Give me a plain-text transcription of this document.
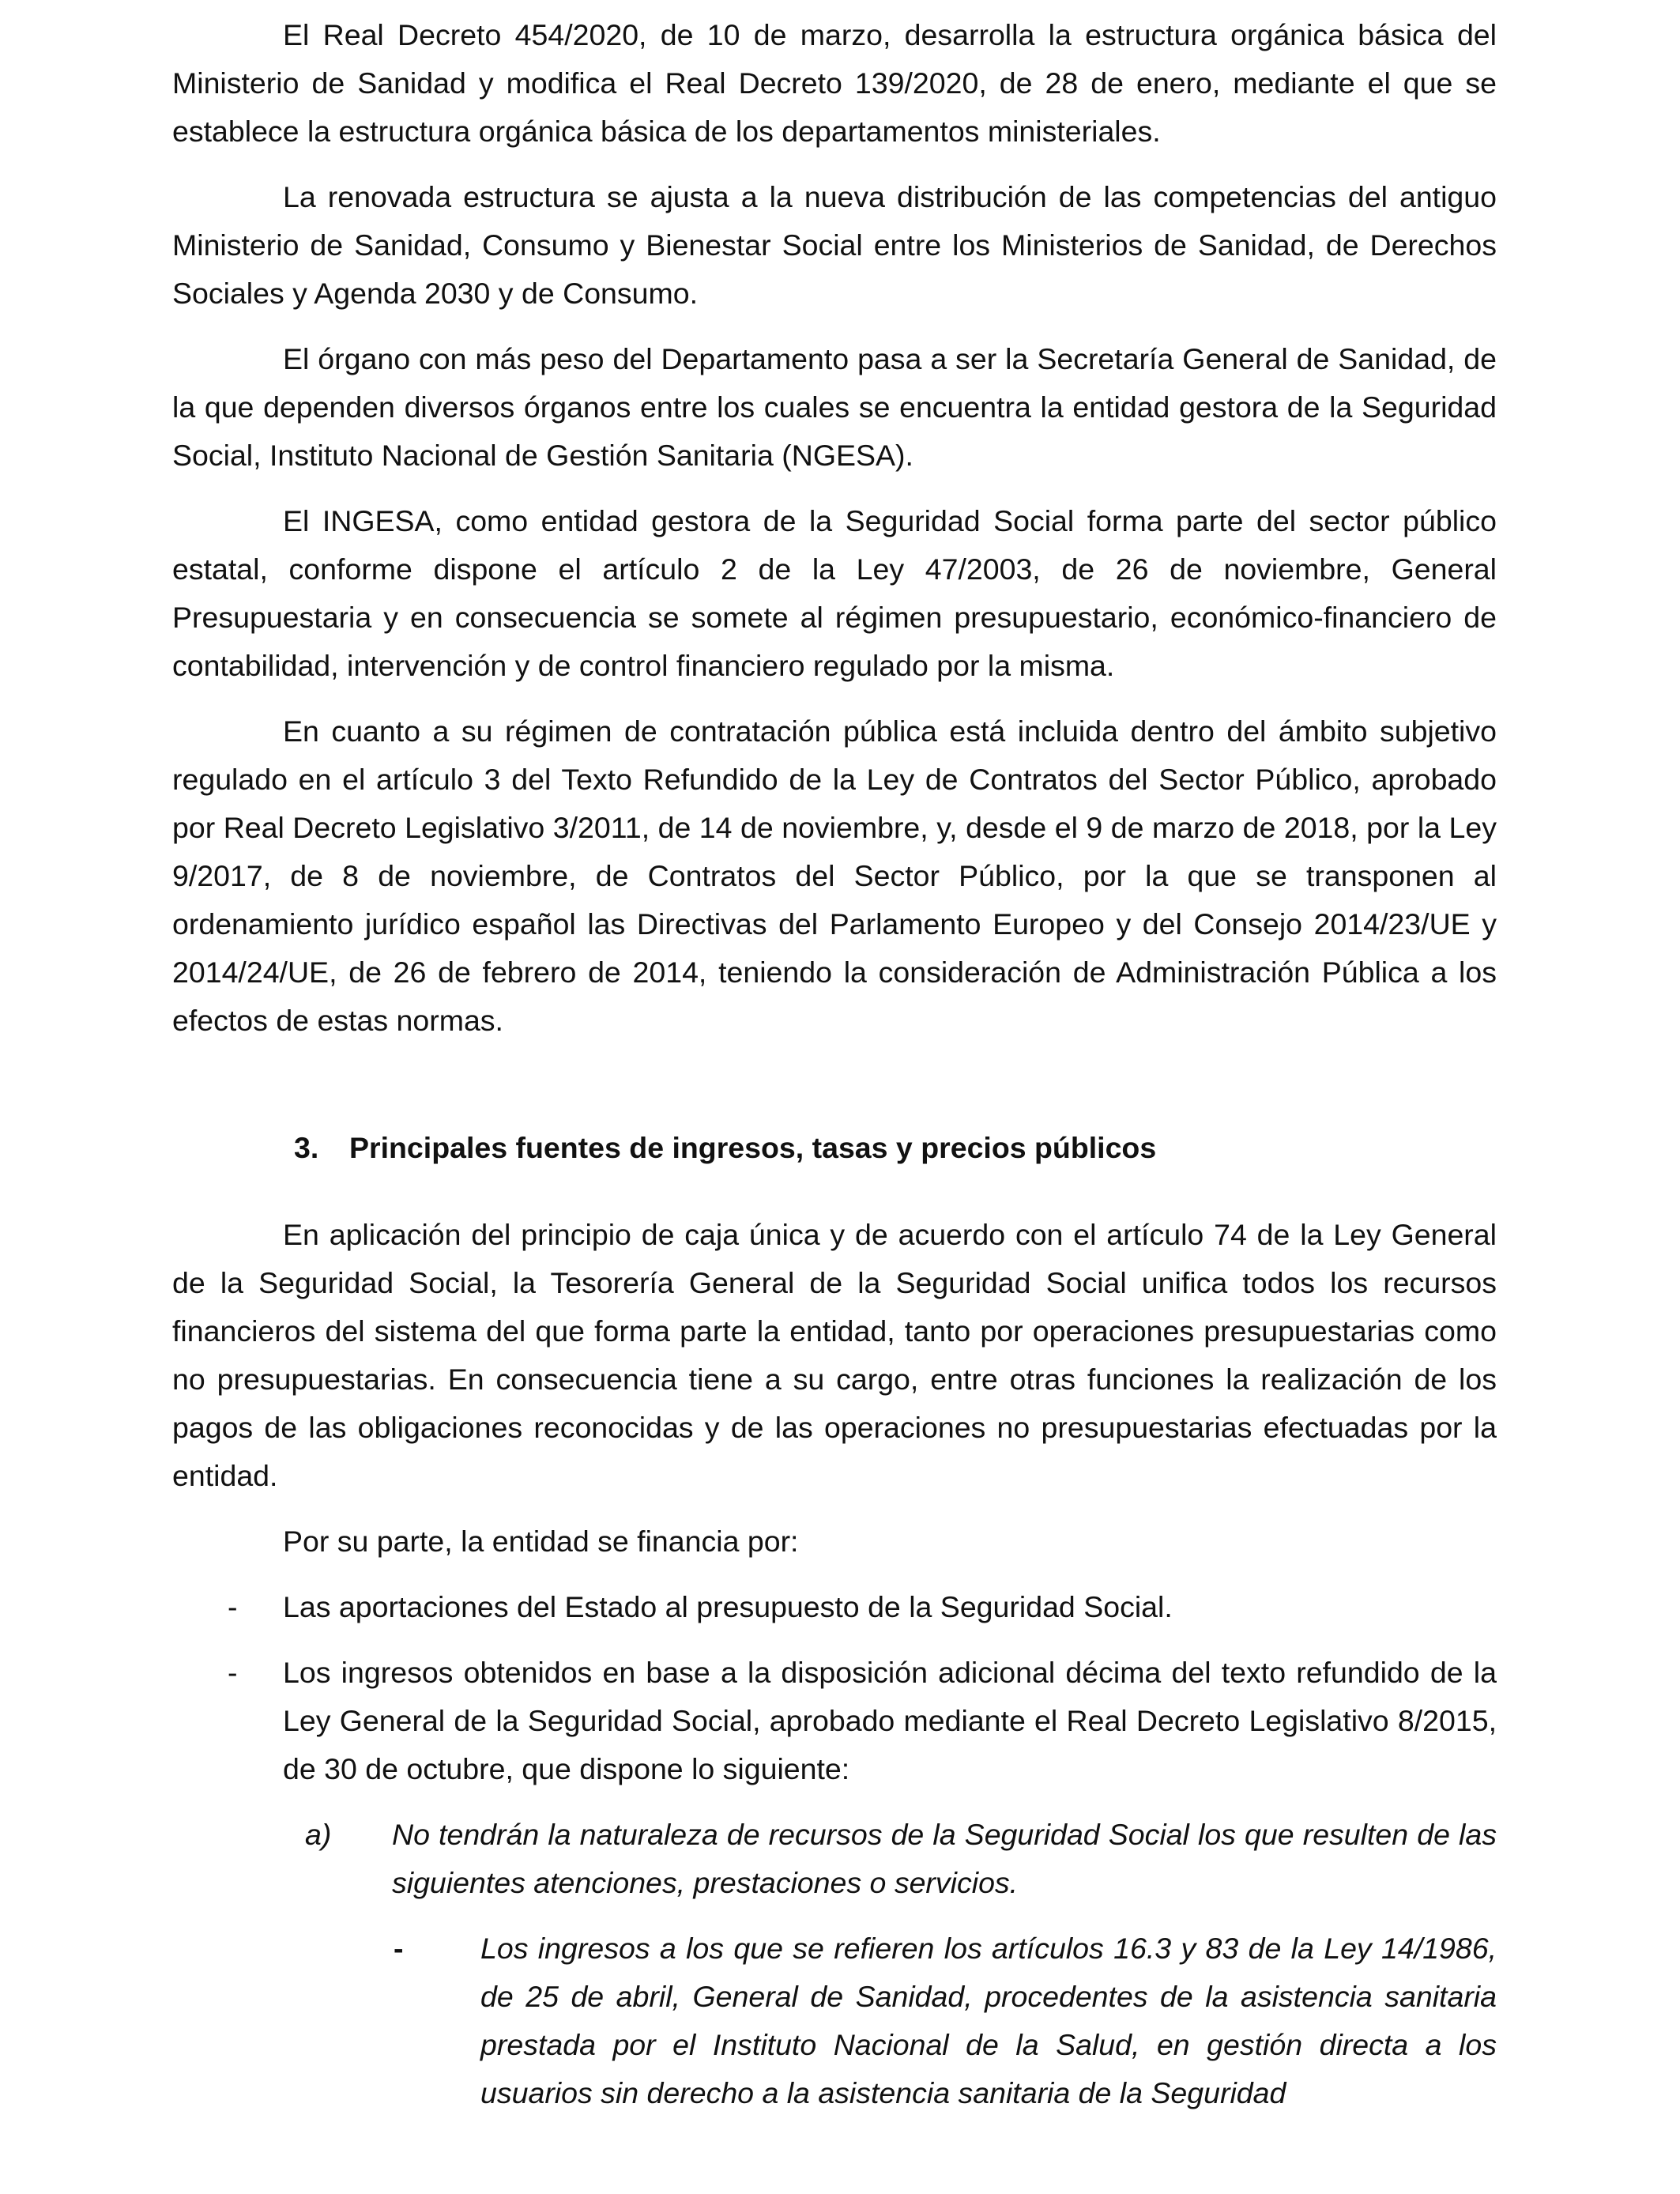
El Real Decreto 454/2020, de 10 de marzo, desarrolla la estructura orgánica básica del Ministerio de Sanidad y modifica el Real Decreto 139/2020, de 28 de enero, mediante el que se establece la estructura orgánica básica de los departamentos ministeriales.

La renovada estructura se ajusta a la nueva distribución de las competencias del antiguo Ministerio de Sanidad, Consumo y Bienestar Social entre los Ministerios de Sanidad, de Derechos Sociales y Agenda 2030 y de Consumo.

El órgano con más peso del Departamento pasa a ser la Secretaría General de Sanidad, de la que dependen diversos órganos entre los cuales se encuentra la entidad gestora de la Seguridad Social, Instituto Nacional de Gestión Sanitaria (NGESA).

El INGESA, como entidad gestora de la Seguridad Social forma parte del sector público estatal, conforme dispone el artículo 2 de la Ley 47/2003, de 26 de noviembre, General Presupuestaria y en consecuencia se somete al régimen presupuestario, económico-financiero de contabilidad, intervención y de control financiero regulado por la misma.

En cuanto a su régimen de contratación pública está incluida dentro del ámbito subjetivo regulado en el artículo 3 del Texto Refundido de la Ley de Contratos del Sector Público, aprobado por Real Decreto Legislativo 3/2011, de 14 de noviembre, y, desde el 9 de marzo de 2018, por la Ley 9/2017, de 8 de noviembre, de Contratos del Sector Público, por la que se transponen al ordenamiento jurídico español las Directivas del Parlamento Europeo y del Consejo 2014/23/UE y 2014/24/UE, de 26 de febrero de 2014, teniendo la consideración de Administración Pública a los efectos de estas normas.

3. Principales fuentes de ingresos, tasas y precios públicos

En aplicación del principio de caja única y de acuerdo con el artículo 74 de la Ley General de la Seguridad Social, la Tesorería General de la Seguridad Social unifica todos los recursos financieros del sistema del que forma parte la entidad, tanto por operaciones presupuestarias como no presupuestarias. En consecuencia tiene a su cargo, entre otras funciones la realización de los pagos de las obligaciones reconocidas y de las operaciones no presupuestarias efectuadas por la entidad.

Por su parte, la entidad se financia por:

- Las aportaciones del Estado al presupuesto de la Seguridad Social.
- Los ingresos obtenidos en base a la disposición adicional décima del texto refundido de la Ley General de la Seguridad Social, aprobado mediante el Real Decreto Legislativo 8/2015, de 30 de octubre, que dispone lo siguiente:
a) No tendrán la naturaleza de recursos de la Seguridad Social los que resulten de las siguientes atenciones, prestaciones o servicios.
-	Los ingresos a los que se refieren los artículos 16.3 y 83 de la Ley 14/1986, de 25 de abril, General de Sanidad, procedentes de la asistencia sanitaria prestada por el Instituto Nacional de la Salud, en gestión directa a los usuarios sin derecho a la asistencia sanitaria de la Seguridad
